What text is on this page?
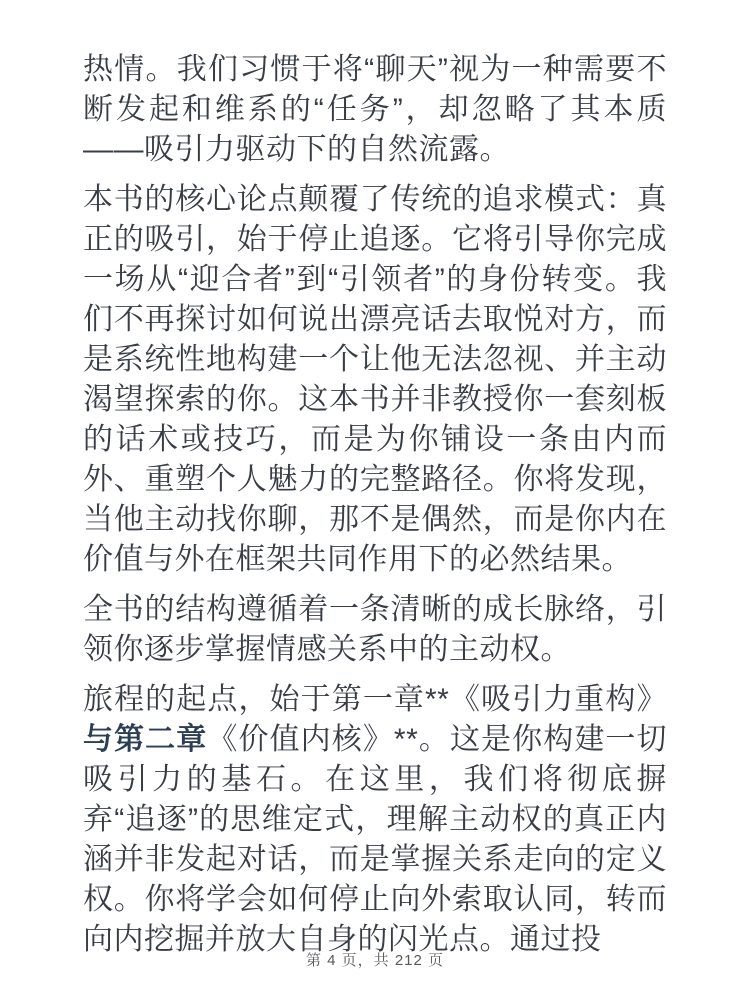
热情。我们习惯于将“聊天”视为一种需要不断发起和维系的“任务”，却忽略了其本质——吸引力驱动下的自然流露。

本书的核心论点颠覆了传统的追求模式：真正的吸引，始于停止追逐。它将引导你完成一场从“迎合者”到“引领者”的身份转变。我们不再探讨如何说出漂亮话去取悦对方，而是系统性地构建一个让他无法忽视、并主动渴望探索的你。这本书并非教授你一套刻板的话术或技巧，而是为你铺设一条由内而外、重塑个人魅力的完整路径。你将发现，当他主动找你聊，那不是偶然，而是你内在价值与外在框架共同作用下的必然结果。

全书的结构遵循着一条清晰的成长脉络，引领你逐步掌握情感关系中的主动权。

旅程的起点，始于第一章**《吸引力重构》与第二章《价值内核》**。这是你构建一切吸引力的基石。在这里，我们将彻底摒弃“追逐”的思维定式，理解主动权的真正内涵并非发起对话，而是掌握关系走向的定义权。你将学会如何停止向外索取认同，转而向内挖掘并放大自身的闪光点。通过投

第 4 页，共 212 页
